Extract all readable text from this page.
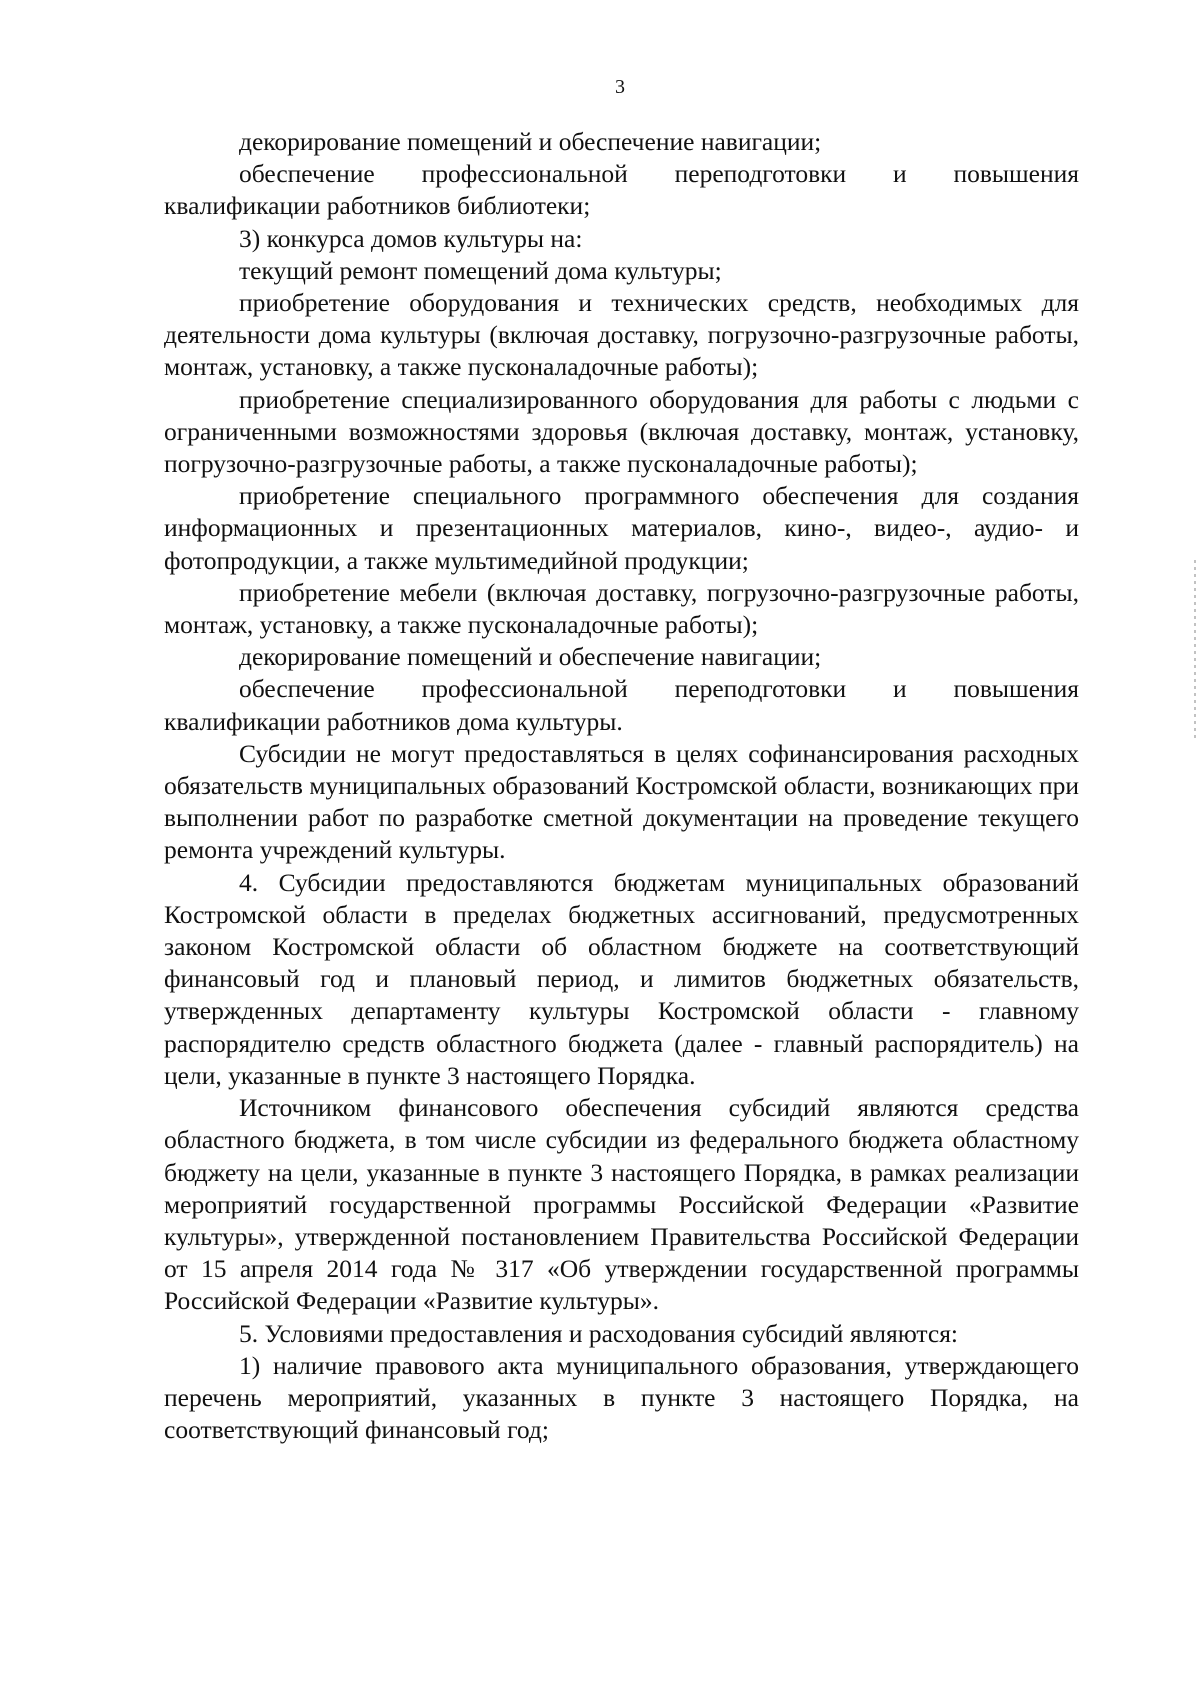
3

декорирование помещений и обеспечение навигации;

обеспечение профессиональной переподготовки и повышения квалификации работников библиотеки;

3) конкурса домов культуры на:

текущий ремонт помещений дома культуры;

приобретение оборудования и технических средств, необходимых для деятельности дома культуры (включая доставку, погрузочно-разгрузочные работы, монтаж, установку, а также пусконаладочные работы);

приобретение специализированного оборудования для работы с людьми с ограниченными возможностями здоровья (включая доставку, монтаж, установку, погрузочно-разгрузочные работы, а также пусконаладочные работы);

приобретение специального программного обеспечения для создания информационных и презентационных материалов, кино-, видео-, аудио- и фотопродукции, а также мультимедийной продукции;

приобретение мебели (включая доставку, погрузочно-разгрузочные работы, монтаж, установку, а также пусконаладочные работы);

декорирование помещений и обеспечение навигации;

обеспечение профессиональной переподготовки и повышения квалификации работников дома культуры.

Субсидии не могут предоставляться в целях софинансирования расходных обязательств муниципальных образований Костромской области, возникающих при выполнении работ по разработке сметной документации на проведение текущего ремонта учреждений культуры.

4. Субсидии предоставляются бюджетам муниципальных образований Костромской области в пределах бюджетных ассигнований, предусмотренных законом Костромской области об областном бюджете на соответствующий финансовый год и плановый период, и лимитов бюджетных обязательств, утвержденных департаменту культуры Костромской области - главному распорядителю средств областного бюджета (далее - главный распорядитель) на цели, указанные в пункте 3 настоящего Порядка.

Источником финансового обеспечения субсидий являются средства областного бюджета, в том числе субсидии из федерального бюджета областному бюджету на цели, указанные в пункте 3 настоящего Порядка, в рамках реализации мероприятий государственной программы Российской Федерации «Развитие культуры», утвержденной постановлением Правительства Российской Федерации от 15 апреля 2014 года № 317 «Об утверждении государственной программы Российской Федерации «Развитие культуры».

5. Условиями предоставления и расходования субсидий являются:

1) наличие правового акта муниципального образования, утверждающего перечень мероприятий, указанных в пункте 3 настоящего Порядка, на соответствующий финансовый год;
